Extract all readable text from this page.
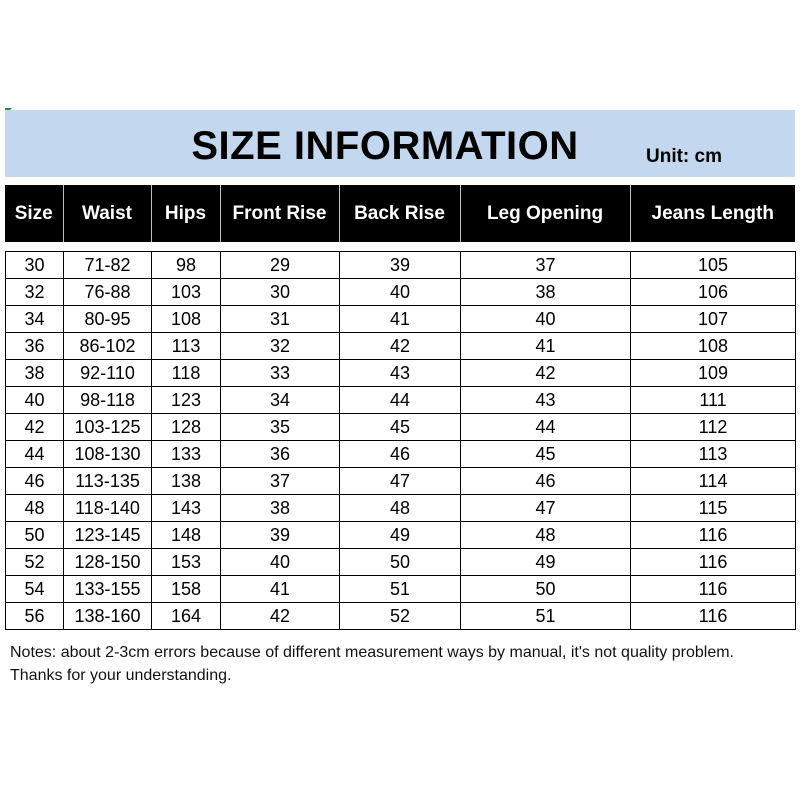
SIZE INFORMATION	Unit: cm
Size	Waist	Hips	Front Rise	Back Rise	Leg Opening	Jeans Length
30	71-82	98	29	39	37	105
32	76-88	103	30	40	38	106
34	80-95	108	31	41	40	107
36	86-102	113	32	42	41	108
38	92-110	118	33	43	42	109
40	98-118	123	34	44	43	111
42	103-125	128	35	45	44	112
44	108-130	133	36	46	45	113
46	113-135	138	37	47	46	114
48	118-140	143	38	48	47	115
50	123-145	148	39	49	48	116
52	128-150	153	40	50	49	116
54	133-155	158	41	51	50	116
56	138-160	164	42	52	51	116
Notes: about 2-3cm errors because of different measurement ways by manual, it's not quality problem. Thanks for your understanding.
